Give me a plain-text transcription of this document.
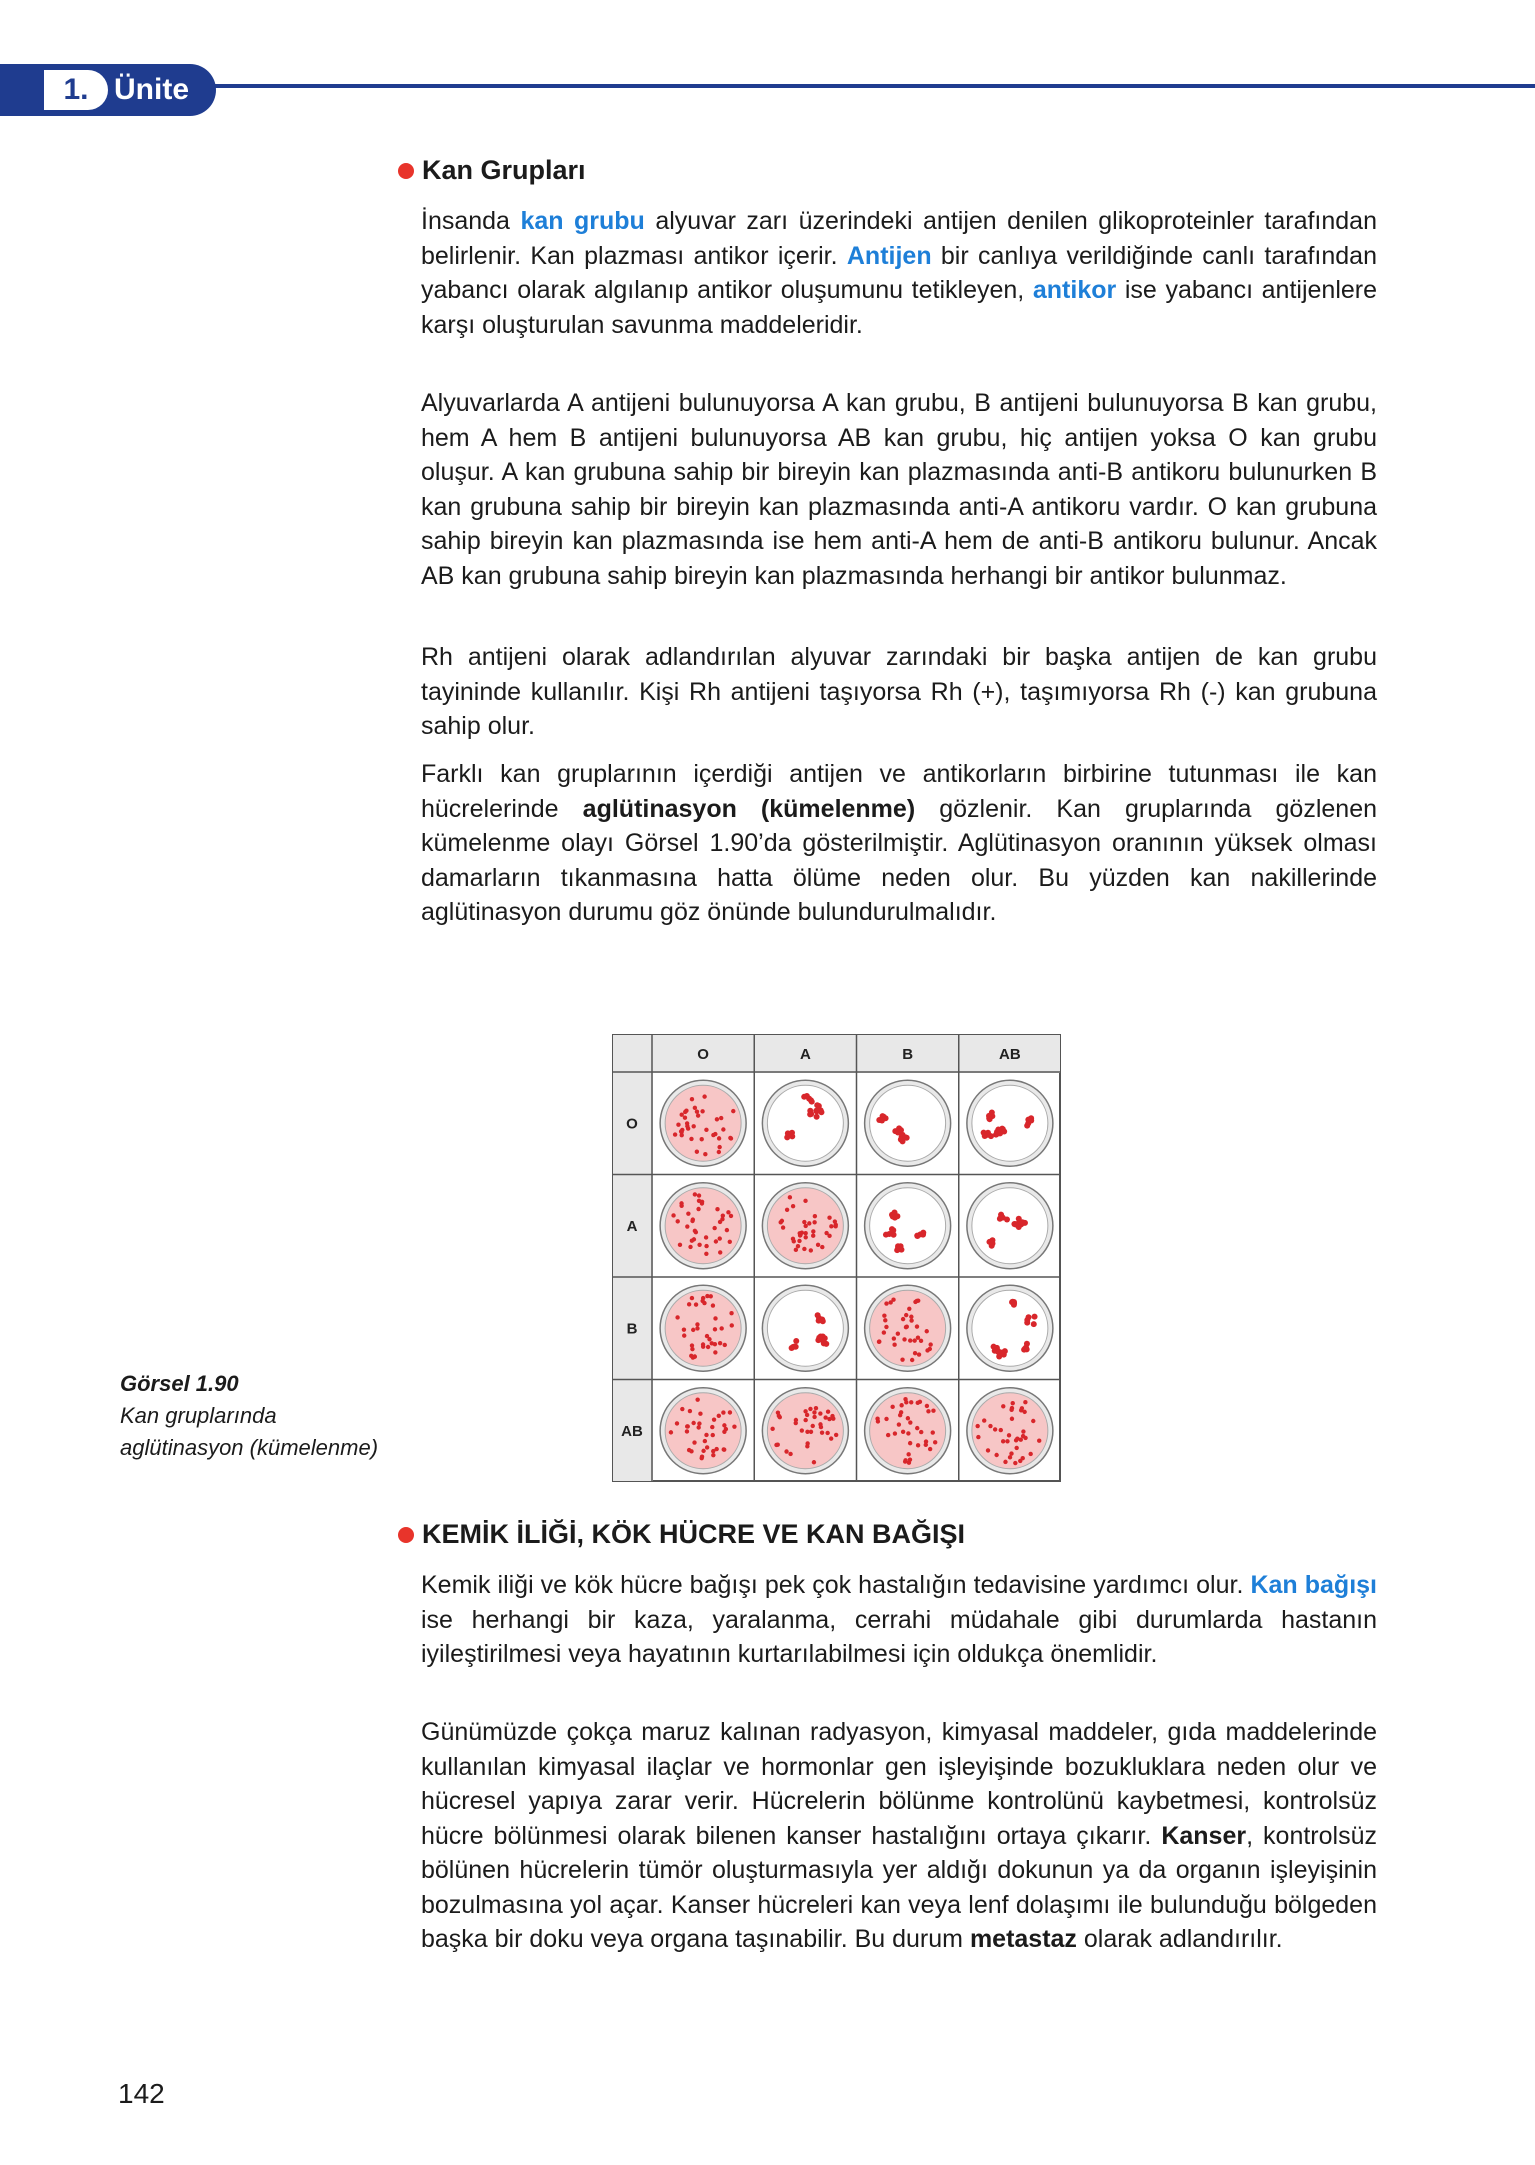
1. Ünite
Kan Grupları

İnsanda kan grubu alyuvar zarı üzerindeki antijen denilen glikoproteinler tarafından belirlenir. Kan plazması antikor içerir. Antijen bir canlıya verildiğinde canlı tarafından yabancı olarak algılanıp antikor oluşumunu tetikleyen, antikor ise yabancı antijenlere karşı oluşturulan savunma maddeleridir.

Alyuvarlarda A antijeni bulunuyorsa A kan grubu, B antijeni bulunuyorsa B kan grubu, hem A hem B antijeni bulunuyorsa AB kan grubu, hiç antijen yoksa O kan grubu oluşur. A kan grubuna sahip bir bireyin kan plazmasında anti-B antikoru bulunurken B kan grubuna sahip bir bireyin kan plazmasında anti-A antikoru vardır. O kan grubuna sahip bireyin kan plazmasında ise hem anti-A hem de anti-B antikoru bulunur. Ancak AB kan grubuna sahip bireyin kan plazmasında herhangi bir antikor bulunmaz.

Rh antijeni olarak adlandırılan alyuvar zarındaki bir başka antijen de kan grubu tayininde kullanılır. Kişi Rh antijeni taşıyorsa Rh (+), taşımıyorsa Rh (-) kan grubuna sahip olur.

Farklı kan gruplarının içerdiği antijen ve antikorların birbirine tutunması ile kan hücrelerinde aglütinasyon (kümelenme) gözlenir. Kan gruplarında gözlenen kümelenme olayı Görsel 1.90’da gösterilmiştir. Aglütinasyon oranının yüksek olması damarların tıkanmasına hatta ölüme neden olur. Bu yüzden kan nakillerinde aglütinasyon durumu göz önünde bulundurulmalıdır.

O	A	B	AB
O
A
B
AB
Görsel 1.90
Kan gruplarında
aglütinasyon (kümelenme)
KEMİK İLİĞİ, KÖK HÜCRE VE KAN BAĞIŞI

Kemik iliği ve kök hücre bağışı pek çok hastalığın tedavisine yardımcı olur. Kan bağışı ise herhangi bir kaza, yaralanma, cerrahi müdahale gibi durumlarda hastanın iyileştirilmesi veya hayatının kurtarılabilmesi için oldukça önemlidir.

Günümüzde çokça maruz kalınan radyasyon, kimyasal maddeler, gıda maddelerinde kullanılan kimyasal ilaçlar ve hormonlar gen işleyişinde bozukluklara neden olur ve hücresel yapıya zarar verir. Hücrelerin bölünme kontrolünü kaybetmesi, kontrolsüz hücre bölünmesi olarak bilenen kanser hastalığını ortaya çıkarır. Kanser, kontrolsüz bölünen hücrelerin tümör oluşturmasıyla yer aldığı dokunun ya da organın işleyişinin bozulmasına yol açar. Kanser hücreleri kan veya lenf dolaşımı ile bulunduğu bölgeden başka bir doku veya organa taşınabilir. Bu durum metastaz olarak adlandırılır.

142
